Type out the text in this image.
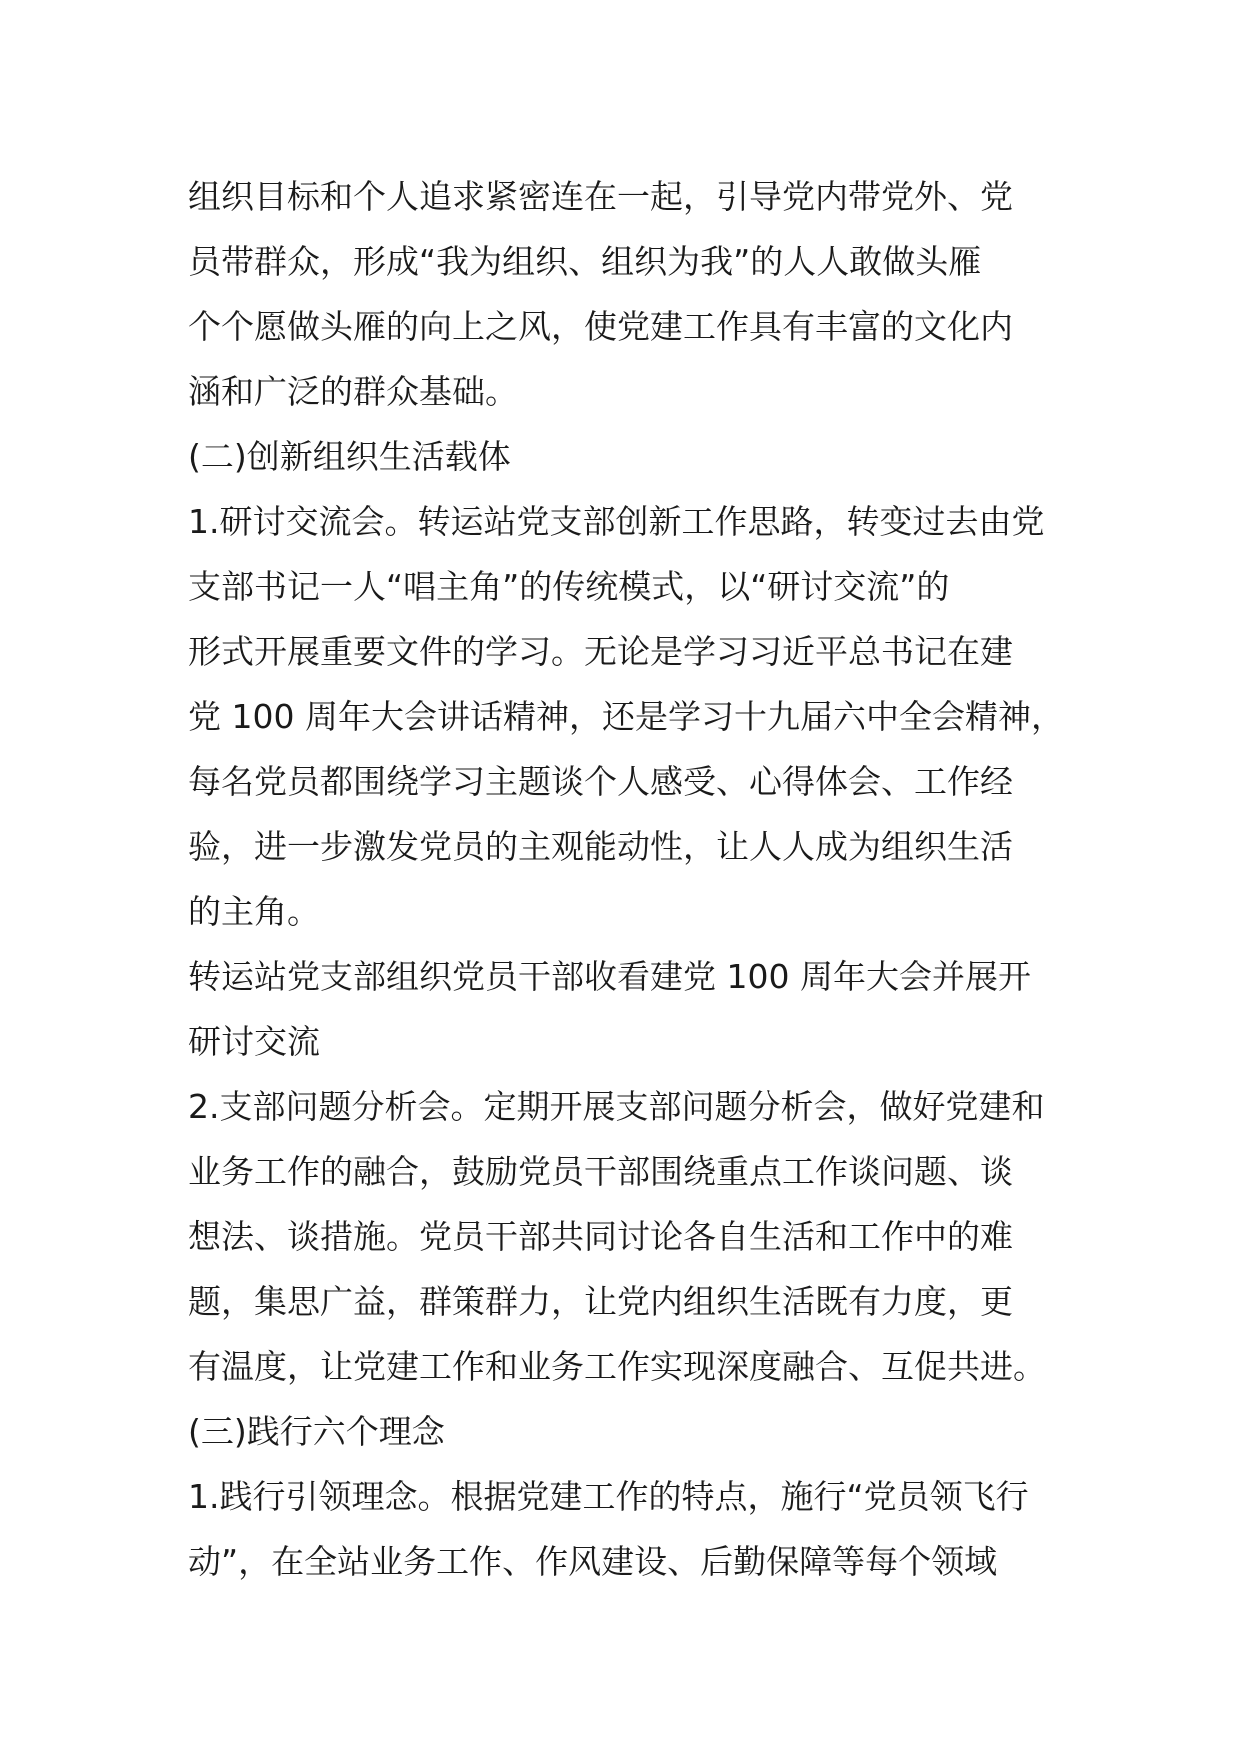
组织目标和个人追求紧密连在一起，引导党内带党外、党
员带群众，形成“我为组织、组织为我”的人人敢做头雁
个个愿做头雁的向上之风，使党建工作具有丰富的文化内
涵和广泛的群众基础。
(二)创新组织生活载体
1.研讨交流会。转运站党支部创新工作思路，转变过去由党
支部书记一人“唱主角”的传统模式，以“研讨交流”的
形式开展重要文件的学习。无论是学习习近平总书记在建
党 100 周年大会讲话精神，还是学习十九届六中全会精神，
每名党员都围绕学习主题谈个人感受、心得体会、工作经
验，进一步激发党员的主观能动性，让人人成为组织生活
的主角。
转运站党支部组织党员干部收看建党 100 周年大会并展开
研讨交流
2.支部问题分析会。定期开展支部问题分析会，做好党建和
业务工作的融合，鼓励党员干部围绕重点工作谈问题、谈
想法、谈措施。党员干部共同讨论各自生活和工作中的难
题，集思广益，群策群力，让党内组织生活既有力度，更
有温度，让党建工作和业务工作实现深度融合、互促共进。
(三)践行六个理念
1.践行引领理念。根据党建工作的特点，施行“党员领飞行
动”，在全站业务工作、作风建设、后勤保障等每个领域
